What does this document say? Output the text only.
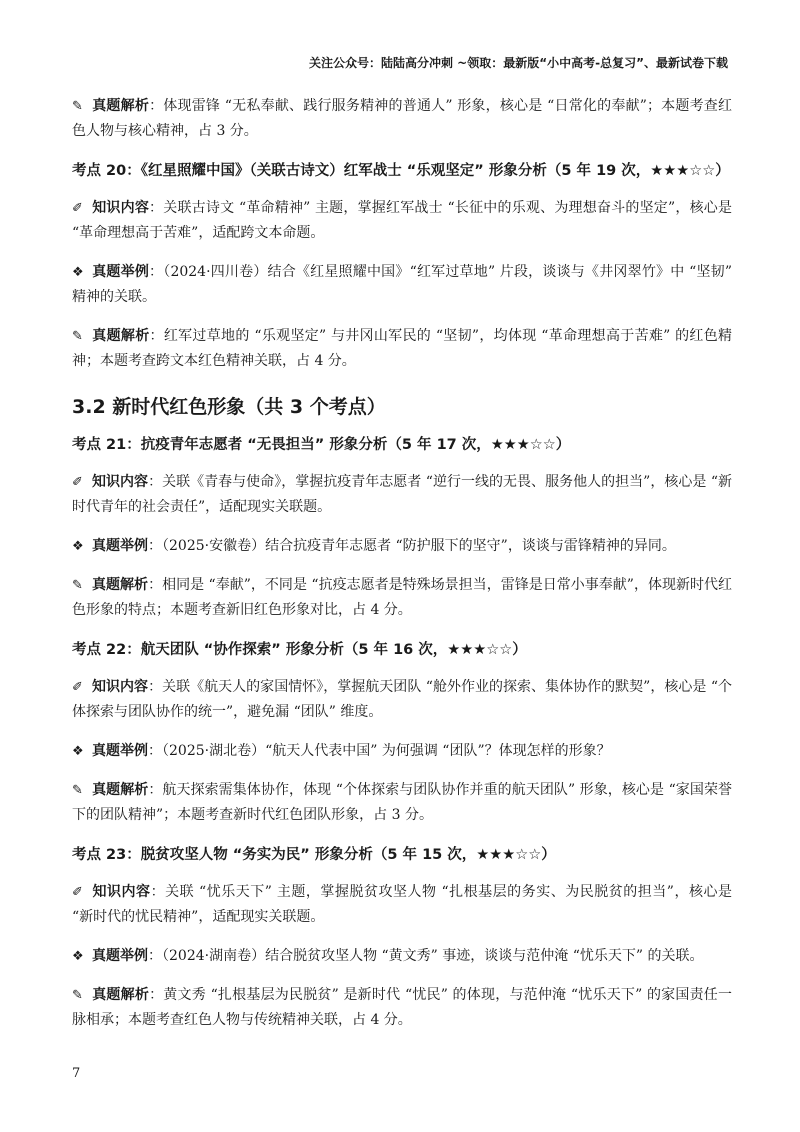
关注公众号：陆陆高分冲刺 ~领取：最新版“小中高考-总复习”、最新试卷下载

✎ 真题解析：体现雷锋 “无私奉献、践行服务精神的普通人” 形象，核心是 “日常化的奉献”；本题考查红色人物与核心精神，占 3 分。

考点 20：《红星照耀中国》（关联古诗文）红军战士 “乐观坚定” 形象分析（5 年 19 次，★★★☆☆）

✐ 知识内容：关联古诗文 “革命精神” 主题，掌握红军战士 “长征中的乐观、为理想奋斗的坚定”，核心是 “革命理想高于苦难”，适配跨文本命题。

❖ 真题举例：（2024·四川卷）结合《红星照耀中国》“红军过草地” 片段，谈谈与《井冈翠竹》中 “坚韧” 精神的关联。

✎ 真题解析：红军过草地的 “乐观坚定” 与井冈山军民的 “坚韧”，均体现 “革命理想高于苦难” 的红色精神；本题考查跨文本红色精神关联，占 4 分。

3.2 新时代红色形象（共 3 个考点）
考点 21：抗疫青年志愿者 “无畏担当” 形象分析（5 年 17 次，★★★☆☆）

✐ 知识内容：关联《青春与使命》，掌握抗疫青年志愿者 “逆行一线的无畏、服务他人的担当”，核心是 “新时代青年的社会责任”，适配现实关联题。

❖ 真题举例：（2025·安徽卷）结合抗疫青年志愿者 “防护服下的坚守”，谈谈与雷锋精神的异同。

✎ 真题解析：相同是 “奉献”，不同是 “抗疫志愿者是特殊场景担当，雷锋是日常小事奉献”，体现新时代红色形象的特点；本题考查新旧红色形象对比，占 4 分。

考点 22：航天团队 “协作探索” 形象分析（5 年 16 次，★★★☆☆）

✐ 知识内容：关联《航天人的家国情怀》，掌握航天团队 “舱外作业的探索、集体协作的默契”，核心是 “个体探索与团队协作的统一”，避免漏 “团队” 维度。

❖ 真题举例：（2025·湖北卷）“航天人代表中国” 为何强调 “团队”？体现怎样的形象？

✎ 真题解析：航天探索需集体协作，体现 “个体探索与团队协作并重的航天团队” 形象，核心是 “家国荣誉下的团队精神”；本题考查新时代红色团队形象，占 3 分。

考点 23：脱贫攻坚人物 “务实为民” 形象分析（5 年 15 次，★★★☆☆）

✐ 知识内容：关联 “忧乐天下” 主题，掌握脱贫攻坚人物 “扎根基层的务实、为民脱贫的担当”，核心是 “新时代的忧民精神”，适配现实关联题。

❖ 真题举例：（2024·湖南卷）结合脱贫攻坚人物 “黄文秀” 事迹，谈谈与范仲淹 “忧乐天下” 的关联。

✎ 真题解析：黄文秀 “扎根基层为民脱贫” 是新时代 “忧民” 的体现，与范仲淹 “忧乐天下” 的家国责任一脉相承；本题考查红色人物与传统精神关联，占 4 分。

7
